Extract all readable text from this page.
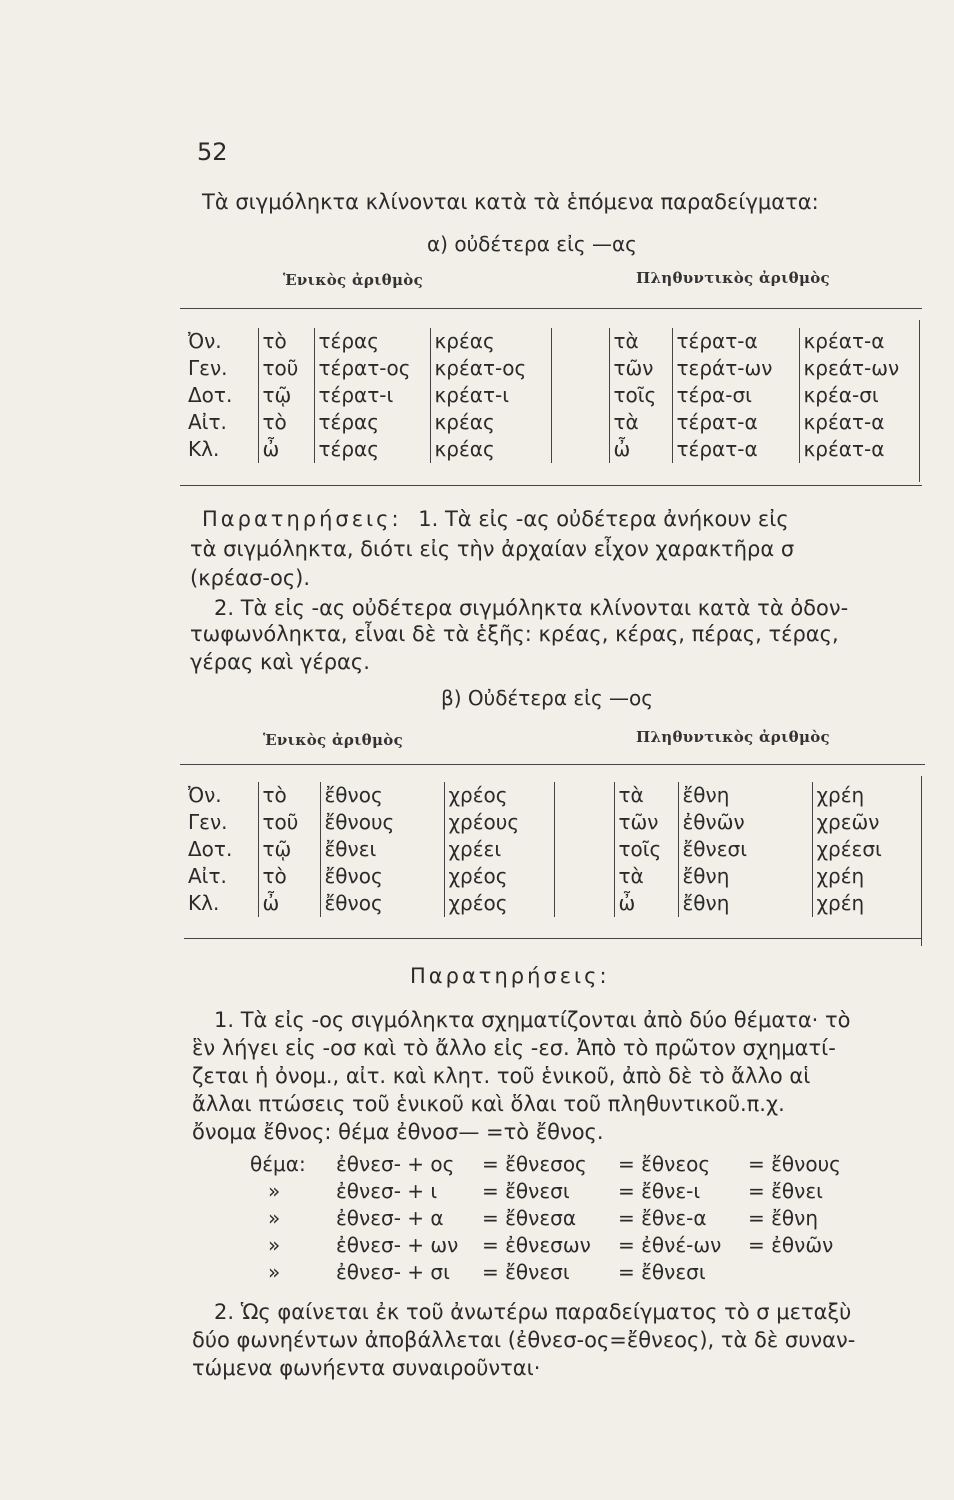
52
Τὰ σιγμόληκτα κλίνονται κατὰ τὰ ἑπόμενα παραδείγματα:
α) οὐδέτερα εἰς —ας
Ἑνικὸς ἀριθμὸς	Πληθυντικὸς ἀριθμὸς
Ὀν.	τὸ	τέρας	κρέας		τὰ	τέρατ-α	κρέατ-α
Γεν.	τοῦ	τέρατ-ος	κρέατ-ος		τῶν	τεράτ-ων	κρεάτ-ων
Δοτ.	τῷ	τέρατ-ι	κρέατ-ι		τοῖς	τέρα-σι	κρέα-σι
Αἰτ.	τὸ	τέρας	κρέας		τὰ	τέρατ-α	κρέατ-α
Κλ.	ὦ	τέρας	κρέας		ὦ	τέρατ-α	κρέατ-α
Παρατηρήσεις: 1. Τὰ εἰς -ας οὐδέτερα ἀνήκουν εἰς
τὰ σιγμόληκτα, διότι εἰς τὴν ἀρχαίαν εἶχον χαρακτῆρα σ
(κρέασ-ος).
2. Τὰ εἰς -ας οὐδέτερα σιγμόληκτα κλίνονται κατὰ τὰ ὀδον-
τωφωνόληκτα, εἶναι δὲ τὰ ἑξῆς: κρέας, κέρας, πέρας, τέρας,
γέρας καὶ γέρας.
β) Οὐδέτερα εἰς —ος
Ἑνικὸς ἀριθμὸς	Πληθυντικὸς ἀριθμὸς
Ὀν.	τὸ	ἔθνος	χρέος		τὰ	ἔθνη	χρέη
Γεν.	τοῦ	ἔθνους	χρέους		τῶν	ἐθνῶν	χρεῶν
Δοτ.	τῷ	ἔθνει	χρέει		τοῖς	ἔθνεσι	χρέεσι
Αἰτ.	τὸ	ἔθνος	χρέος		τὰ	ἔθνη	χρέη
Κλ.	ὦ	ἔθνος	χρέος		ὦ	ἔθνη	χρέη
Παρατηρήσεις:
1. Τὰ εἰς -ος σιγμόληκτα σχηματίζονται ἀπὸ δύο θέματα· τὸ
ἓν λήγει εἰς -οσ καὶ τὸ ἄλλο εἰς -εσ. Ἀπὸ τὸ πρῶτον σχηματί-
ζεται ἡ ὀνομ., αἰτ. καὶ κλητ. τοῦ ἑνικοῦ, ἀπὸ δὲ τὸ ἄλλο αἱ
ἄλλαι πτώσεις τοῦ ἑνικοῦ καὶ ὅλαι τοῦ πληθυντικοῦ.π.χ.
ὄνομα ἔθνος: θέμα ἐθνοσ— =τὸ ἔθνος.
θέμα: ἐθνεσ- + ος = ἔθνεσος = ἔθνεος = ἔθνους
»	ἐθνεσ- + ι = ἔθνεσι = ἔθνε-ι = ἔθνει
»	ἐθνεσ- + α = ἔθνεσα = ἔθνε-α = ἔθνη
»	ἐθνεσ- + ων = ἐθνεσων = ἐθνέ-ων = ἐθνῶν
»	ἐθνεσ- + σι = ἔθνεσι = ἔθνεσι
2. Ὡς φαίνεται ἐκ τοῦ ἀνωτέρω παραδείγματος τὸ σ μεταξὺ
δύο φωνηέντων ἀποβάλλεται (ἐθνεσ-ος=ἔθνεος), τὰ δὲ συναν-
τώμενα φωνήεντα συναιροῦνται·
